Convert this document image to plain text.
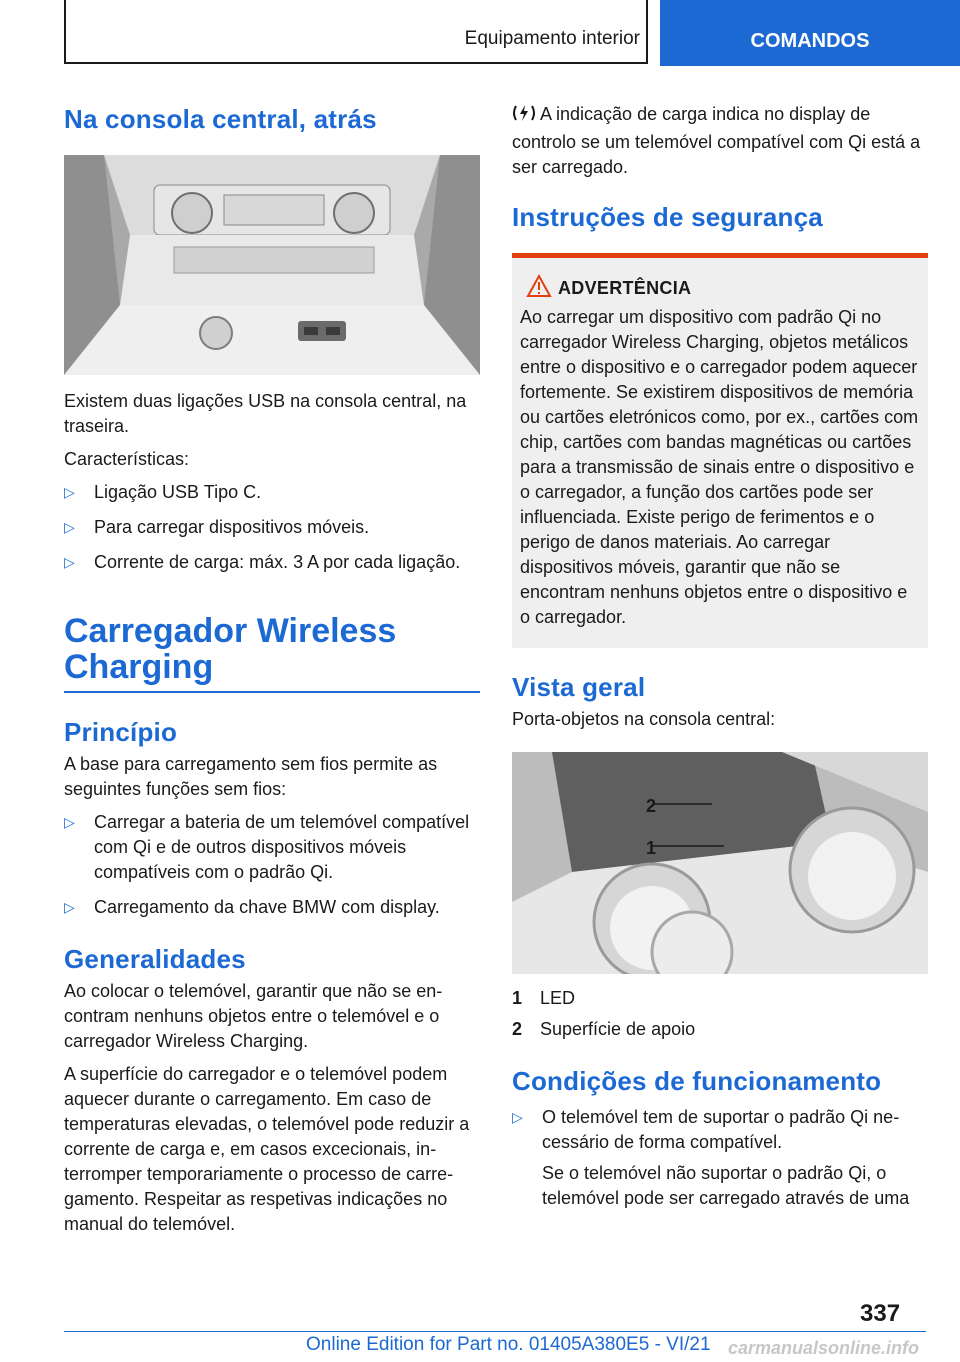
Equipamento interior	COMANDOS
Na consola central, atrás

Existem duas ligações USB na consola central, na traseira.

Características:

▷ Ligação USB Tipo C.
▷ Para carregar dispositivos móveis.
▷ Corrente de carga: máx. 3 A por cada ligação.
Carregador Wireless
Charging
Princípio

A base para carregamento sem fios permite as seguintes funções sem fios:

▷ Carregar a bateria de um telemóvel compatível com Qi e de outros dispositivos móveis compatíveis com o padrão Qi.
▷ Carregamento da chave BMW com display.
Generalidades

Ao colocar o telemóvel, garantir que não se encontram nenhuns objetos entre o telemóvel e o carregador Wireless Charging.

A superfície do carregador e o telemóvel podem aquecer durante o carregamento. Em caso de temperaturas elevadas, o telemóvel pode reduzir a corrente de carga e, em casos excecionais, interromper temporariamente o processo de carregamento. Respeitar as respetivas indicações no manual do telemóvel.

A indicação de carga indica no display de controlo se um telemóvel compatível com Qi está a ser carregado.

Instruções de segurança
ADVERTÊNCIA
Ao carregar um dispositivo com padrão Qi no carregador Wireless Charging, objetos metálicos entre o dispositivo e o carregador podem aquecer fortemente. Se existirem dispositivos de memória ou cartões eletrónicos como, por ex., cartões com chip, cartões com bandas magnéticas ou cartões para a transmissão de sinais entre o dispositivo e o carregador, a função dos cartões pode ser influenciada. Existe perigo de ferimentos e o perigo de danos materiais. Ao carregar dispositivos móveis, garantir que não se encontram nenhuns objetos entre o dispositivo e o carregador.
Vista geral

Porta-objetos na consola central:

2
1
1 LED
2 Superfície de apoio
Condições de funcionamento
▷ O telemóvel tem de suportar o padrão Qi necessário de forma compatível.

Se o telemóvel não suportar o padrão Qi, o telemóvel pode ser carregado através de uma

337
Online Edition for Part no. 01405A380E5 - VI/21 carmanualsonline.info
